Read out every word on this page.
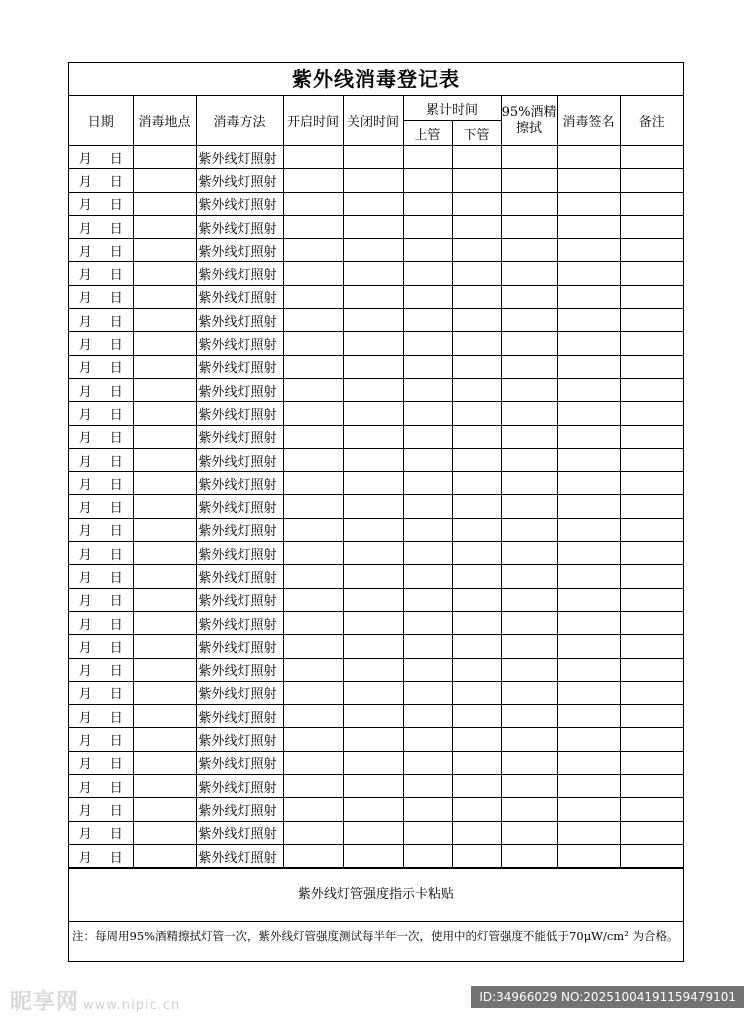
紫外线消毒登记表
日期	消毒地点	消毒方法	开启时间	关闭时间	累计时间		95%酒精擦拭	消毒签名	备注
					上管	下管			
月 日		紫外线灯照射							
月 日		紫外线灯照射							
月 日		紫外线灯照射							
月 日		紫外线灯照射							
月 日		紫外线灯照射							
月 日		紫外线灯照射							
月 日		紫外线灯照射							
月 日		紫外线灯照射							
月 日		紫外线灯照射							
月 日		紫外线灯照射							
月 日		紫外线灯照射							
月 日		紫外线灯照射							
月 日		紫外线灯照射							
月 日		紫外线灯照射							
月 日		紫外线灯照射							
月 日		紫外线灯照射							
月 日		紫外线灯照射							
月 日		紫外线灯照射							
月 日		紫外线灯照射							
月 日		紫外线灯照射							
月 日		紫外线灯照射							
月 日		紫外线灯照射							
月 日		紫外线灯照射							
月 日		紫外线灯照射							
月 日		紫外线灯照射							
月 日		紫外线灯照射							
月 日		紫外线灯照射							
月 日		紫外线灯照射							
月 日		紫外线灯照射							
月 日		紫外线灯照射							
月 日		紫外线灯照射							
紫外线灯管强度指示卡粘贴
注：每周用95%酒精擦拭灯管一次，紫外线灯管强度测试每半年一次，使用中的灯管强度不能低于70μW/cm² 为合格。
昵享网 www.nipic.cn
ID:34966029 NO:20251004191159479101
